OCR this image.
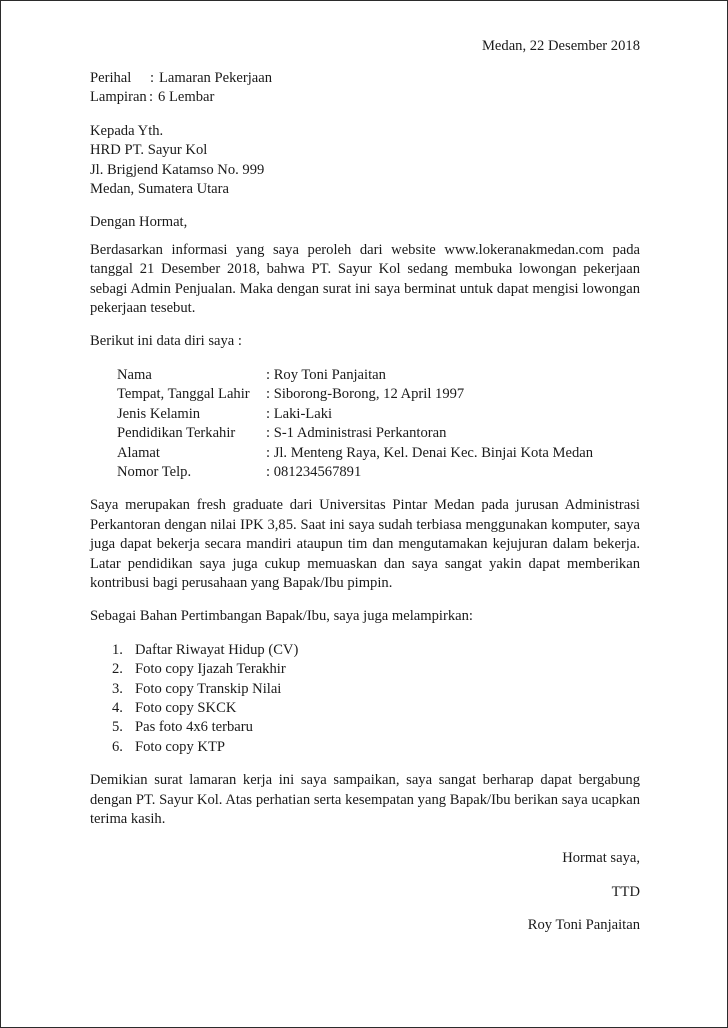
Medan, 22 Desember 2018
Perihal	: Lamaran Pekerjaan
Lampiran : 6 Lembar
Kepada Yth.
HRD PT. Sayur Kol
Jl. Brigjend Katamso No. 999
Medan, Sumatera Utara
Dengan Hormat,
Berdasarkan informasi yang saya peroleh dari website www.lokeranakmedan.com pada tanggal 21 Desember 2018, bahwa PT. Sayur Kol sedang membuka lowongan pekerjaan sebagi Admin Penjualan. Maka dengan surat ini saya berminat untuk dapat mengisi lowongan pekerjaan tesebut.
Berikut ini data diri saya :
Nama	: Roy Toni Panjaitan
Tempat, Tanggal Lahir	: Siborong-Borong, 12 April 1997
Jenis Kelamin	: Laki-Laki
Pendidikan Terkahir	: S-1 Administrasi Perkantoran
Alamat	: Jl. Menteng Raya, Kel. Denai Kec. Binjai Kota Medan
Nomor Telp.	: 081234567891
Saya merupakan fresh graduate dari Universitas Pintar Medan pada jurusan Administrasi Perkantoran dengan nilai IPK 3,85. Saat ini saya sudah terbiasa menggunakan komputer, saya juga dapat bekerja secara mandiri ataupun tim dan mengutamakan kejujuran dalam bekerja. Latar pendidikan saya juga cukup memuaskan dan saya sangat yakin dapat memberikan kontribusi bagi perusahaan yang Bapak/Ibu pimpin.
Sebagai Bahan Pertimbangan Bapak/Ibu, saya juga melampirkan:
1. Daftar Riwayat Hidup (CV)
2. Foto copy Ijazah Terakhir
3. Foto copy Transkip Nilai
4. Foto copy SKCK
5. Pas foto 4x6 terbaru
6. Foto copy KTP
Demikian surat lamaran kerja ini saya sampaikan, saya sangat berharap dapat bergabung dengan PT. Sayur Kol. Atas perhatian serta kesempatan yang Bapak/Ibu berikan saya ucapkan terima kasih.
Hormat saya,
TTD
Roy Toni Panjaitan
